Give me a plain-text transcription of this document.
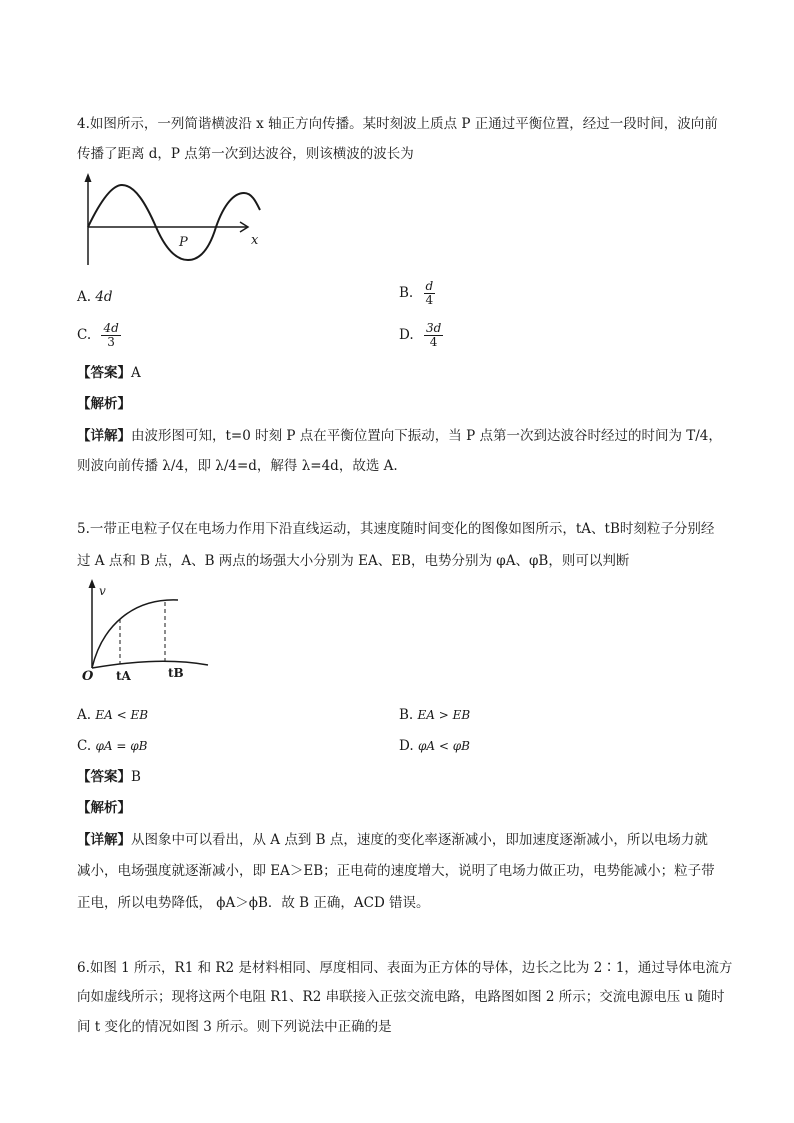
4.如图所示，一列简谐横波沿 x 轴正方向传播。某时刻波上质点 P 正通过平衡位置，经过一段时间，波向前
传播了距离 d，P 点第一次到达波谷，则该横波的波长为
P	x
A. 4d	B. $\frac{d}{4}$
C. $\frac{4d}{3}$	D. $\frac{3d}{4}$
【答案】A
【解析】
【详解】由波形图可知，t=0 时刻 P 点在平衡位置向下振动，当 P 点第一次到达波谷时经过的时间为 T/4，
则波向前传播 λ/4，即 λ/4=d，解得 λ=4d，故选 A.
5.一带正电粒子仅在电场力作用下沿直线运动，其速度随时间变化的图像如图所示，tA、tB时刻粒子分别经
过 A 点和 B 点，A、B 两点的场强大小分别为 EA、EB，电势分别为 φA、φB，则可以判断
v
O tA	tB
A. EA < EB	B. EA > EB
C. φA = φB	D. φA < φB
【答案】B
【解析】
【详解】从图象中可以看出，从 A 点到 B 点，速度的变化率逐渐减小，即加速度逐渐减小，所以电场力就
减小，电场强度就逐渐减小，即 EA＞EB；正电荷的速度增大，说明了电场力做正功，电势能减小；粒子带
正电，所以电势降低， ϕA＞ϕB．故 B 正确，ACD 错误。
6.如图 1 所示，R1 和 R2 是材料相同、厚度相同、表面为正方体的导体，边长之比为 2∶1，通过导体电流方
向如虚线所示；现将这两个电阻 R1、R2 串联接入正弦交流电路，电路图如图 2 所示；交流电源电压 u 随时
间 t 变化的情况如图 3 所示。则下列说法中正确的是
